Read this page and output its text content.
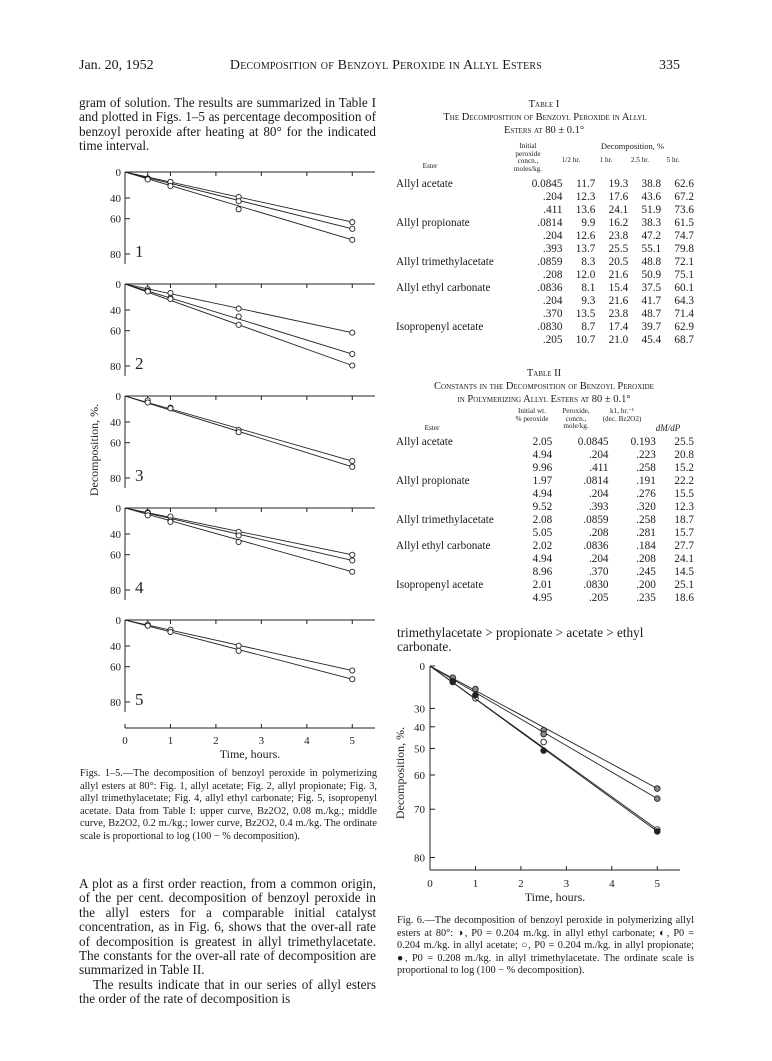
Jan. 20, 1952	Decomposition of Benzoyl Peroxide in Allyl Esters	335
gram of solution. The results are summarized in Table I and plotted in Figs. 1–5 as percentage decomposition of benzoyl peroxide after heating at 80° for the indicated time interval.
0
40
60
80 1
0
40
60
80 2
0
40
60
80 3
0
40
60
80 4
0
40
60
80 5
0	1	2	3	4	5
Time, hours.
Decomposition, %.
Figs. 1–5.—The decomposition of benzoyl peroxide in polymerizing allyl esters at 80°: Fig. 1, allyl acetate; Fig. 2, allyl propionate; Fig. 3, allyl trimethylacetate; Fig. 4, allyl ethyl carbonate; Fig. 5, isopropenyl acetate. Data from Table I: upper curve, Bz2O2, 0.08 m./kg.; middle curve, Bz2O2, 0.2 m./kg.; lower curve, Bz2O2, 0.4 m./kg. The ordinate scale is proportional to log (100 − % decomposition).
A plot as a first order reaction, from a common origin, of the per cent. decomposition of benzoyl peroxide in the allyl esters for a comparable initial catalyst concentration, as in Fig. 6, shows that the over-all rate of decomposition is greatest in allyl trimethylacetate. The constants for the over-all rate of decomposition are summarized in Table II.
The results indicate that in our series of allyl esters the order of the rate of decomposition is
Table I
The Decomposition of Benzoyl Peroxide in Allyl
Esters at 80 ± 0.1°
Ester
Initial peroxide concn., moles/kg.
Decomposition, %
1/2 hr.	1 hr.	2.5 hr.	5 hr.
Allyl acetate	0.0845	11.7	19.3	38.8	62.6
	.204	12.3	17.6	43.6	67.2
	.411	13.6	24.1	51.9	73.6
Allyl propionate	.0814	9.9	16.2	38.3	61.5
	.204	12.6	23.8	47.2	74.7
	.393	13.7	25.5	55.1	79.8
Allyl trimethylacetate	.0859	8.3	20.5	48.8	72.1
	.208	12.0	21.6	50.9	75.1
Allyl ethyl carbonate	.0836	8.1	15.4	37.5	60.1
	.204	9.3	21.6	41.7	64.3
	.370	13.5	23.8	48.7	71.4
Isopropenyl acetate	.0830	8.7	17.4	39.7	62.9
	.205	10.7	21.0	45.4	68.7
Table II
Constants in the Decomposition of Benzoyl Peroxide
in Polymerizing Allyl Esters at 80 ± 0.1°
Ester
Initial wt. % peroxide
Peroxide, concn., mole/kg.
k1, hr.⁻¹ (dec. Bz2O2)
dM/dP
Allyl acetate	2.05	0.0845	0.193	25.5
	4.94	.204	.223	20.8
	9.96	.411	.258	15.2
Allyl propionate	1.97	.0814	.191	22.2
	4.94	.204	.276	15.5
	9.52	.393	.320	12.3
Allyl trimethylacetate	2.08	.0859	.258	18.7
	5.05	.208	.281	15.7
Allyl ethyl carbonate	2.02	.0836	.184	27.7
	4.94	.204	.208	24.1
	8.96	.370	.245	14.5
Isopropenyl acetate	2.01	.0830	.200	25.1
	4.95	.205	.235	18.6
trimethylacetate > propionate > acetate > ethyl carbonate.
0
30
40
50
60
70
80
0	1	2	3	4	5
Time, hours.
Decomposition, %.
Fig. 6.—The decomposition of benzoyl peroxide in polymerizing allyl esters at 80°: ◑, P0 = 0.204 m./kg. in allyl ethyl carbonate; ◐, P0 = 0.204 m./kg. in allyl acetate; ○, P0 = 0.204 m./kg. in allyl propionate; ●, P0 = 0.208 m./kg. in allyl trimethylacetate. The ordinate scale is proportional to log (100 − % decomposition).
